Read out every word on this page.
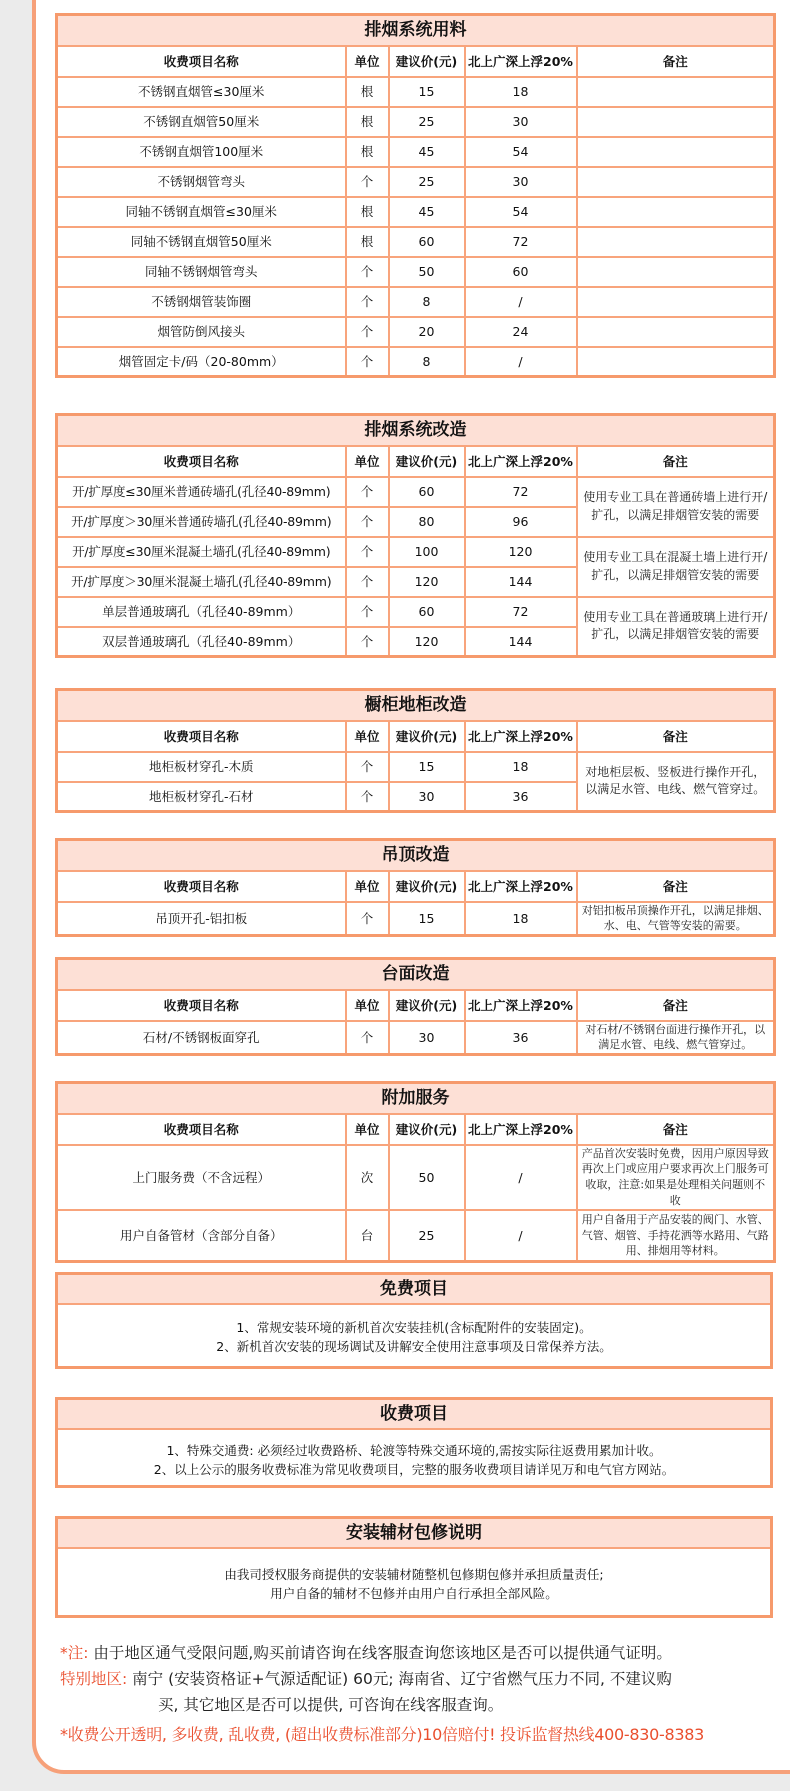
排烟系统用料				
收费项目名称	单位	建议价(元)	北上广深上浮20%	备注
不锈钢直烟管≤30厘米	根	15	18	
不锈钢直烟管50厘米	根	25	30	
不锈钢直烟管100厘米	根	45	54	
不锈钢烟管弯头	个	25	30	
同轴不锈钢直烟管≤30厘米	根	45	54	
同轴不锈钢直烟管50厘米	根	60	72	
同轴不锈钢烟管弯头	个	50	60	
不锈钢烟管装饰圈	个	8	/	
烟管防倒风接头	个	20	24	
烟管固定卡/码（20-80mm）	个	8	/	
排烟系统改造				
收费项目名称	单位	建议价(元)	北上广深上浮20%	备注
开/扩厚度≤30厘米普通砖墙孔(孔径40-89mm)	个	60	72	使用专业工具在普通砖墙上进行开/扩孔，以满足排烟管安装的需要
开/扩厚度＞30厘米普通砖墙孔(孔径40-89mm)	个	80	96	
开/扩厚度≤30厘米混凝土墙孔(孔径40-89mm)	个	100	120	使用专业工具在混凝土墙上进行开/扩孔，以满足排烟管安装的需要
开/扩厚度＞30厘米混凝土墙孔(孔径40-89mm)	个	120	144	
单层普通玻璃孔（孔径40-89mm）	个	60	72	使用专业工具在普通玻璃上进行开/扩孔，以满足排烟管安装的需要
双层普通玻璃孔（孔径40-89mm）	个	120	144	
橱柜地柜改造				
收费项目名称	单位	建议价(元)	北上广深上浮20%	备注
地柜板材穿孔-木质	个	15	18	对地柜层板、竖板进行操作开孔，以满足水管、电线、燃气管穿过。
地柜板材穿孔-石材	个	30	36	
吊顶改造				
收费项目名称	单位	建议价(元)	北上广深上浮20%	备注
吊顶开孔-铝扣板	个	15	18	对铝扣板吊顶操作开孔，以满足排烟、水、电、气管等安装的需要。
台面改造				
收费项目名称	单位	建议价(元)	北上广深上浮20%	备注
石材/不锈钢板面穿孔	个	30	36	对石材/不锈钢台面进行操作开孔，以满足水管、电线、燃气管穿过。
附加服务				
收费项目名称	单位	建议价(元)	北上广深上浮20%	备注
上门服务费（不含远程）	次	50	/	产品首次安装时免费，因用户原因导致再次上门或应用户要求再次上门服务可收取，注意:如果是处理相关问题则不收
用户自备管材（含部分自备）	台	25	/	用户自备用于产品安装的阀门、水管、气管、烟管、手持花洒等水路用、气路用、排烟用等材料。
免费项目
1、常规安装环境的新机首次安装挂机(含标配附件的安装固定)。
2、新机首次安装的现场调试及讲解安全使用注意事项及日常保养方法。
收费项目
1、特殊交通费: 必须经过收费路桥、轮渡等特殊交通环境的,需按实际往返费用累加计收。
2、以上公示的服务收费标准为常见收费项目，完整的服务收费项目请详见万和电气官方网站。
安装辅材包修说明
由我司授权服务商提供的安装辅材随整机包修期包修并承担质量责任;
用户自备的辅材不包修并由用户自行承担全部风险。
*注: 由于地区通气受限问题,购买前请咨询在线客服查询您该地区是否可以提供通气证明。
特别地区: 南宁 (安装资格证+气源适配证) 60元; 海南省、辽宁省燃气压力不同, 不建议购
买, 其它地区是否可以提供, 可咨询在线客服查询。
*收费公开透明, 多收费, 乱收费, (超出收费标准部分)10倍赔付! 投诉监督热线400-830-8383
